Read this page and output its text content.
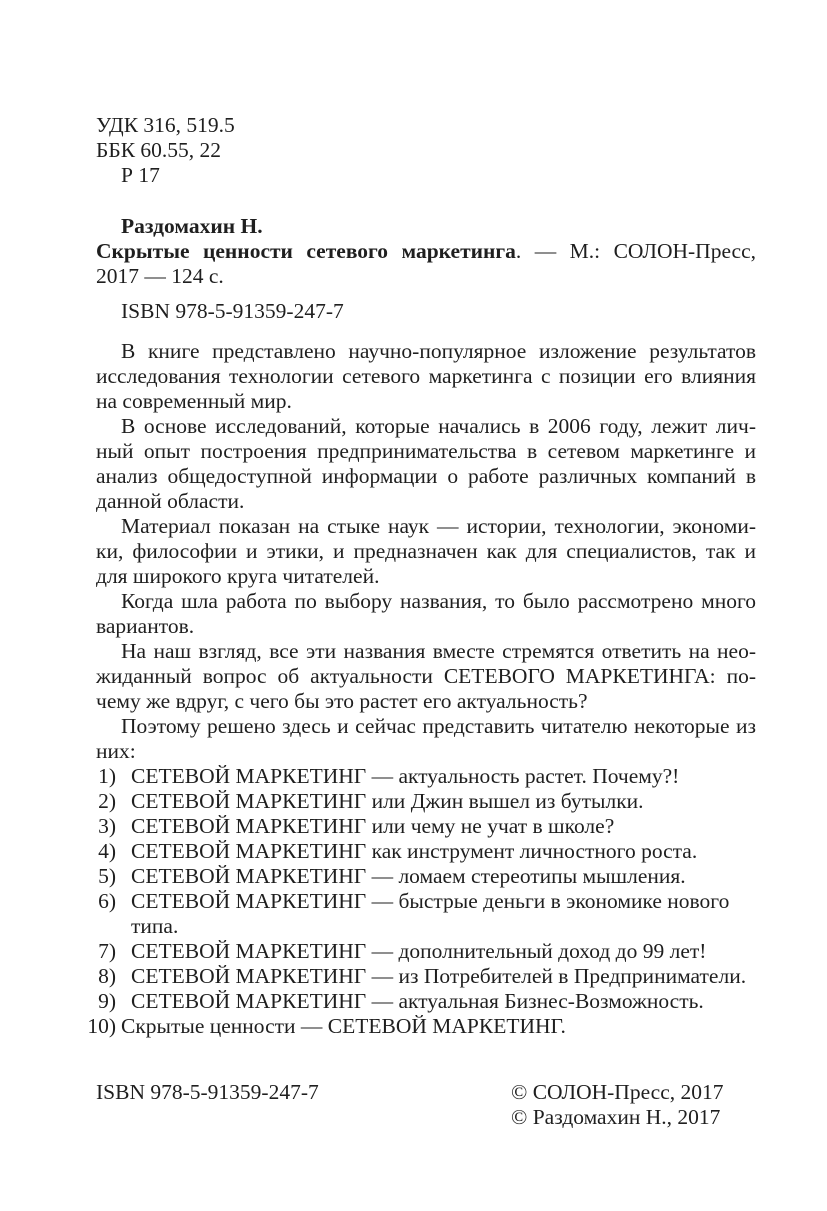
УДК 316, 519.5
ББК 60.55, 22
Р 17
Раздомахин Н.
Скрытые ценности сетевого маркетинга. — М.: СОЛОН-Пресс,
2017 — 124 с.
ISBN 978-5-91359-247-7
В книге представлено научно-популярное изложение результатов
исследования технологии сетевого маркетинга с позиции его влияния
на современный мир.
В основе исследований, которые начались в 2006 году, лежит лич-
ный опыт построения предпринимательства в сетевом маркетинге и
анализ общедоступной информации о работе различных компаний в
данной области.
Материал показан на стыке наук — истории, технологии, экономи-
ки, философии и этики, и предназначен как для специалистов, так и
для широкого круга читателей.
Когда шла работа по выбору названия, то было рассмотрено много
вариантов.
На наш взгляд, все эти названия вместе стремятся ответить на нео-
жиданный вопрос об актуальности СЕТЕВОГО МАРКЕТИНГА: по-
чему же вдруг, с чего бы это растет его актуальность?
Поэтому решено здесь и сейчас представить читателю некоторые из
них:
1) СЕТЕВОЙ МАРКЕТИНГ — актуальность растет. Почему?!
2) СЕТЕВОЙ МАРКЕТИНГ или Джин вышел из бутылки.
3) СЕТЕВОЙ МАРКЕТИНГ или чему не учат в школе?
4) СЕТЕВОЙ МАРКЕТИНГ как инструмент личностного роста.
5) СЕТЕВОЙ МАРКЕТИНГ — ломаем стереотипы мышления.
6) СЕТЕВОЙ МАРКЕТИНГ — быстрые деньги в экономике нового
типа.
7) СЕТЕВОЙ МАРКЕТИНГ — дополнительный доход до 99 лет!
8) СЕТЕВОЙ МАРКЕТИНГ — из Потребителей в Предприниматели.
9) СЕТЕВОЙ МАРКЕТИНГ — актуальная Бизнес-Возможность.
10) Скрытые ценности — СЕТЕВОЙ МАРКЕТИНГ.
ISBN 978-5-91359-247-7	© СОЛОН-Пресс, 2017
© Раздомахин Н., 2017
